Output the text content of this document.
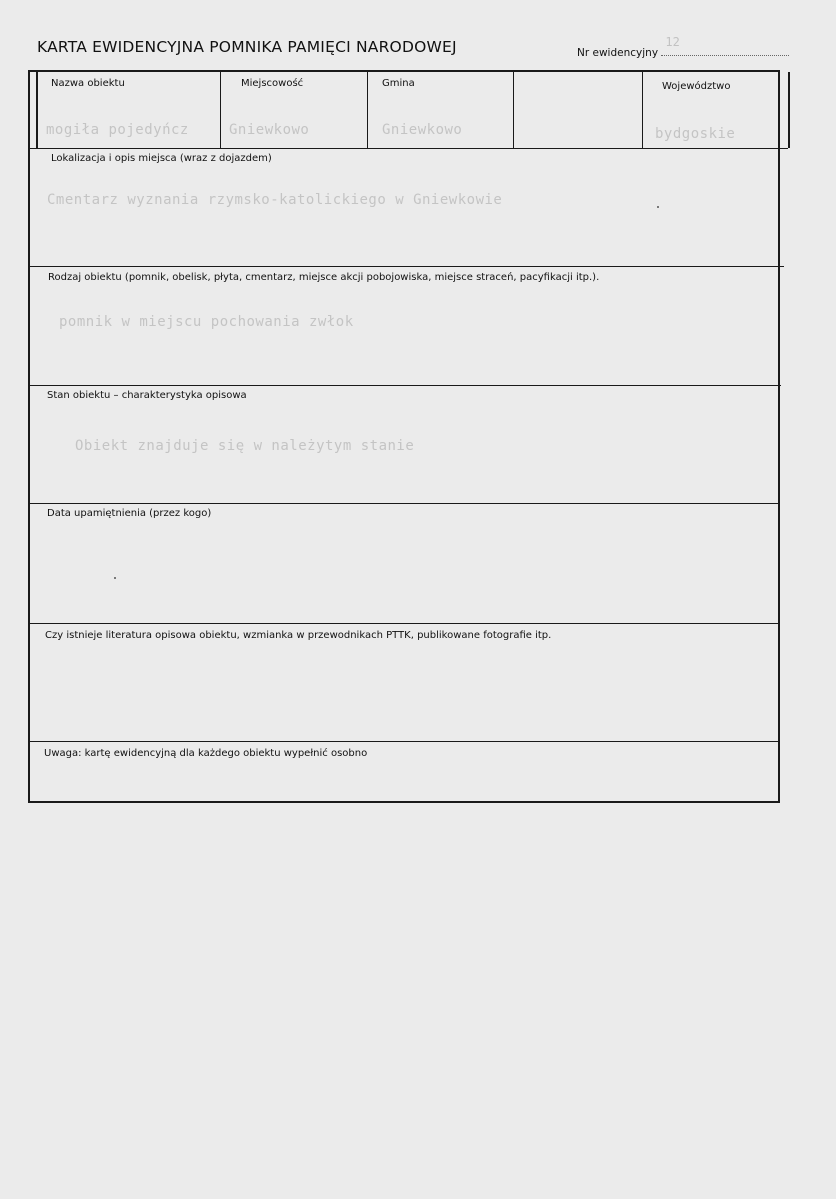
KARTA EWIDENCYJNA POMNIKA PAMIĘCI NARODOWEJ	Nr ewidencyjny
12
Nazwa obiektu
mogiła pojedyńcz
Miejscowość
Gniewkowo
Gmina
Gniewkowo
Województwo
bydgoskie
Lokalizacja i opis miejsca (wraz z dojazdem)
Cmentarz wyznania rzymsko-katolickiego w Gniewkowie
Rodzaj obiektu (pomnik, obelisk, płyta, cmentarz, miejsce akcji pobojowiska, miejsce straceń, pacyfikacji itp.).
pomnik w miejscu pochowania zwłok
Stan obiektu – charakterystyka opisowa
Obiekt znajduje się w należytym stanie
Data upamiętnienia (przez kogo)
Czy istnieje literatura opisowa obiektu, wzmianka w przewodnikach PTTK, publikowane fotografie itp.
Uwaga: kartę ewidencyjną dla każdego obiektu wypełnić osobno
